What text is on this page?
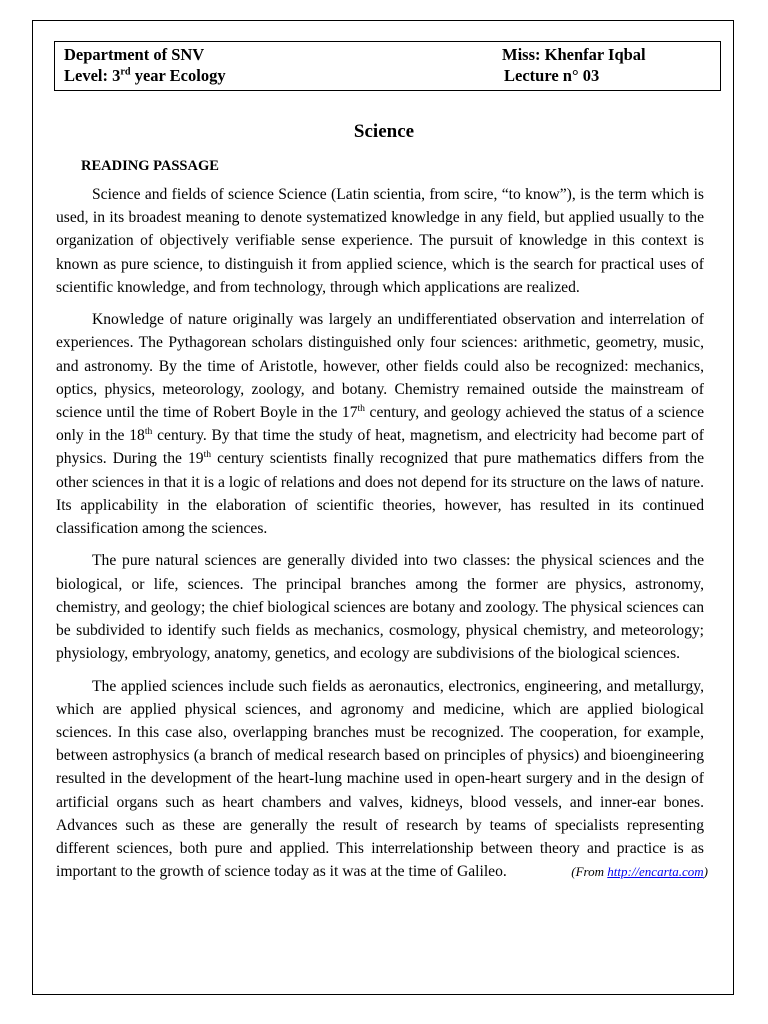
Department of SNV	Miss: Khenfar Iqbal
Level: 3rd year Ecology	Lecture n° 03
Science
READING PASSAGE

Science and fields of science Science (Latin scientia, from scire, “to know”), is the term which is used, in its broadest meaning to denote systematized knowledge in any field, but applied usually to the organization of objectively verifiable sense experience. The pursuit of knowledge in this context is known as pure science, to distinguish it from applied science, which is the search for practical uses of scientific knowledge, and from technology, through which applications are realized.

Knowledge of nature originally was largely an undifferentiated observation and interrelation of experiences. The Pythagorean scholars distinguished only four sciences: arithmetic, geometry, music, and astronomy. By the time of Aristotle, however, other fields could also be recognized: mechanics, optics, physics, meteorology, zoology, and botany. Chemistry remained outside the mainstream of science until the time of Robert Boyle in the 17th century, and geology achieved the status of a science only in the 18th century. By that time the study of heat, magnetism, and electricity had become part of physics. During the 19th century scientists finally recognized that pure mathematics differs from the other sciences in that it is a logic of relations and does not depend for its structure on the laws of nature. Its applicability in the elaboration of scientific theories, however, has resulted in its continued classification among the sciences.

The pure natural sciences are generally divided into two classes: the physical sciences and the biological, or life, sciences. The principal branches among the former are physics, astronomy, chemistry, and geology; the chief biological sciences are botany and zoology. The physical sciences can be subdivided to identify such fields as mechanics, cosmology, physical chemistry, and meteorology; physiology, embryology, anatomy, genetics, and ecology are subdivisions of the biological sciences.

The applied sciences include such fields as aeronautics, electronics, engineering, and metallurgy, which are applied physical sciences, and agronomy and medicine, which are applied biological sciences. In this case also, overlapping branches must be recognized. The cooperation, for example, between astrophysics (a branch of medical research based on principles of physics) and bioengineering resulted in the development of the heart-lung machine used in open-heart surgery and in the design of artificial organs such as heart chambers and valves, kidneys, blood vessels, and inner-ear bones. Advances such as these are generally the result of research by teams of specialists representing different sciences, both pure and applied. This interrelationship between theory and practice is as important to the growth of science today as it was at the time of Galileo.	(From http://encarta.com)
